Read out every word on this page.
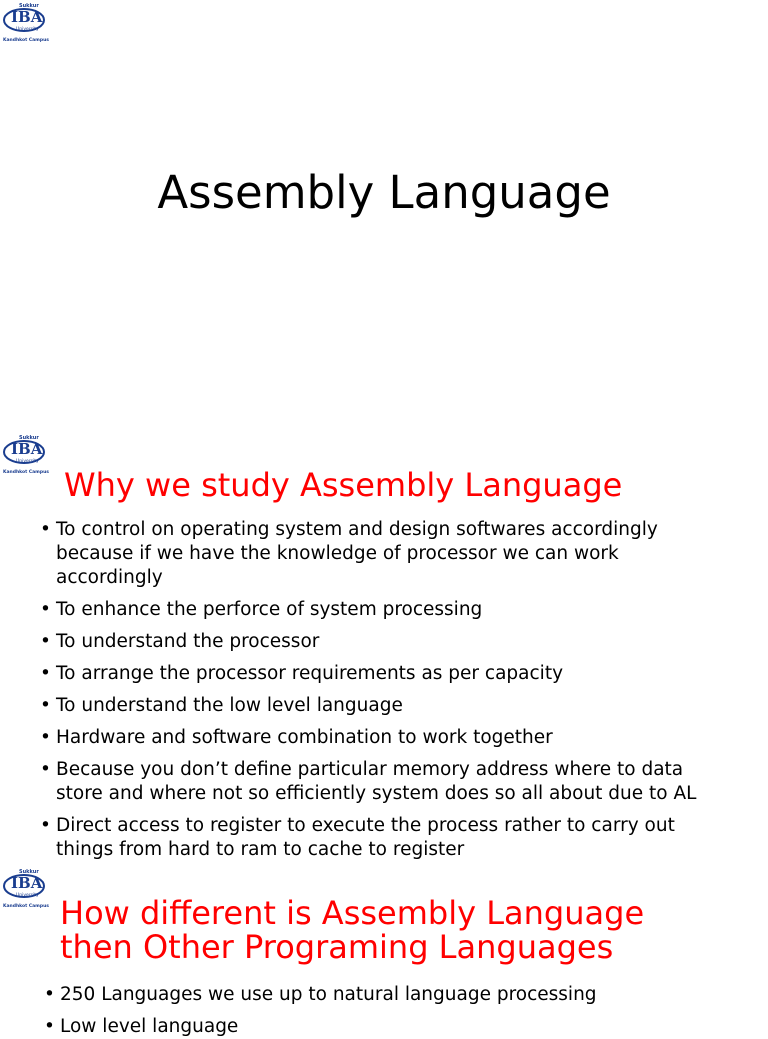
Sukkur
IBA
University
Kandhkot Campus
Assembly Language
Sukkur
IBA
University
Kandhkot Campus Why we study Assembly Language
• To control on operating system and design softwares accordingly because if we have the knowledge of processor we can work accordingly
• To enhance the perforce of system processing
• To understand the processor
• To arrange the processor requirements as per capacity
• To understand the low level language
• Hardware and software combination to work together
• Because you don’t define particular memory address where to data store and where not so efficiently system does so all about due to AL
• Direct access to register to execute the process rather to carry out things from hard to ram to cache to register
Sukkur
IBA
University
Kandhkot Campus How different is Assembly Language
then Other Programing Languages
• 250 Languages we use up to natural language processing
• Low level language
